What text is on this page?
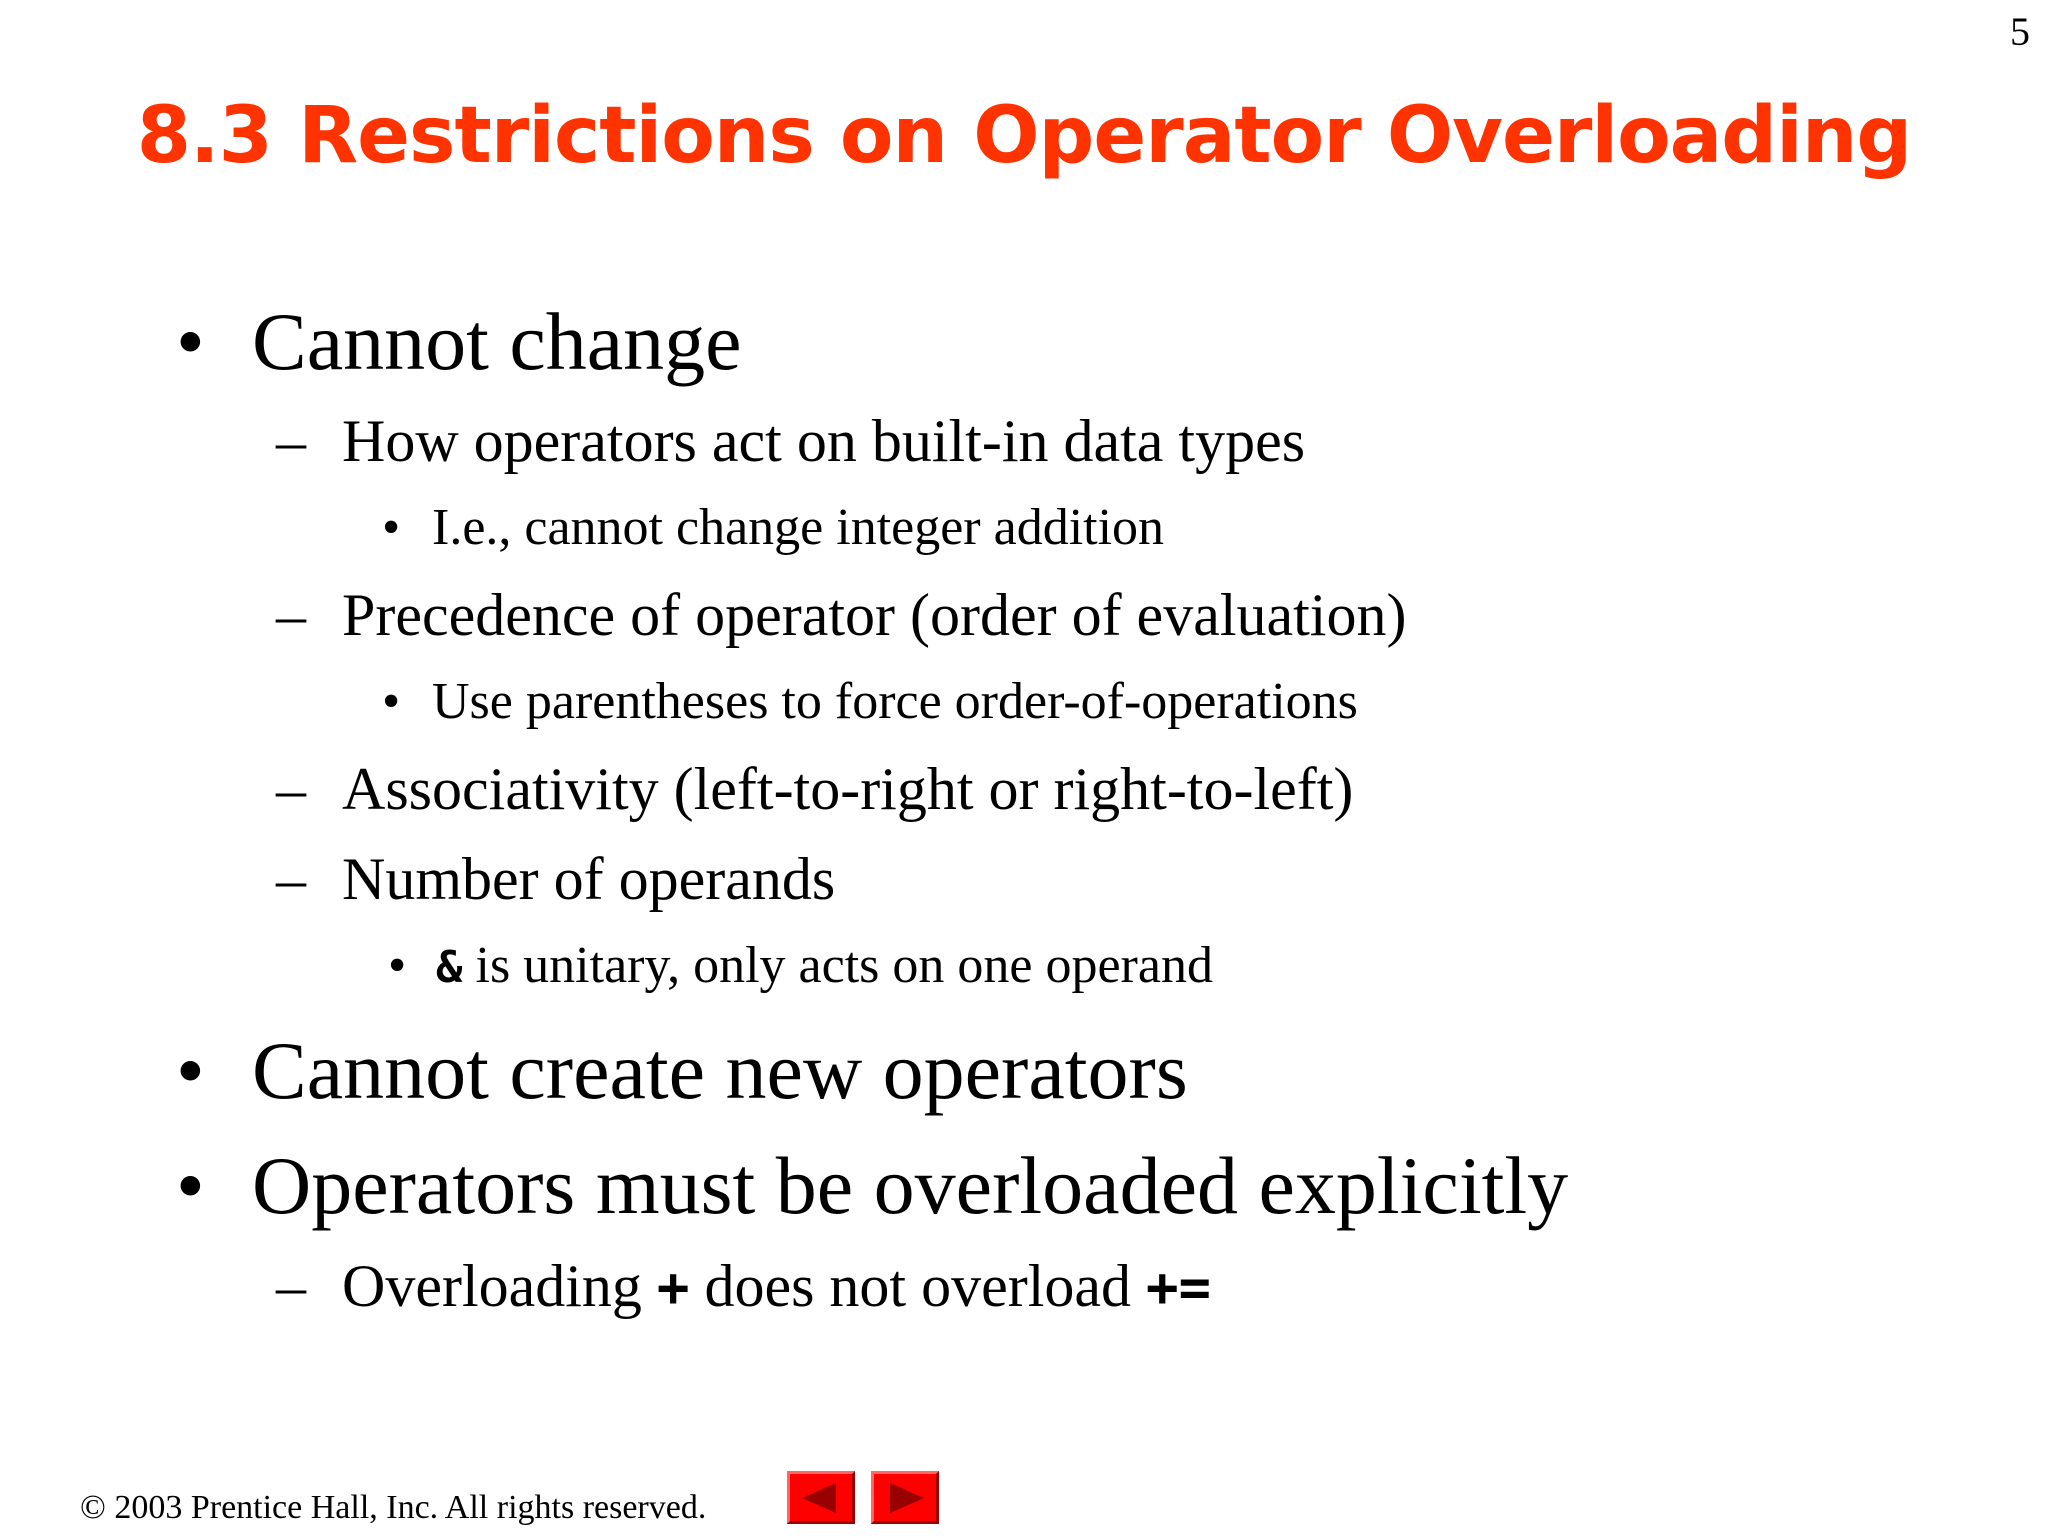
5
8.3 Restrictions on Operator Overloading
• Cannot change
– How operators act on built-in data types
• I.e., cannot change integer addition
– Precedence of operator (order of evaluation)
• Use parentheses to force order-of-operations
– Associativity (left-to-right or right-to-left)
– Number of operands
• & is unitary, only acts on one operand
• Cannot create new operators
• Operators must be overloaded explicitly
– Overloading + does not overload +=
© 2003 Prentice Hall, Inc. All rights reserved.
